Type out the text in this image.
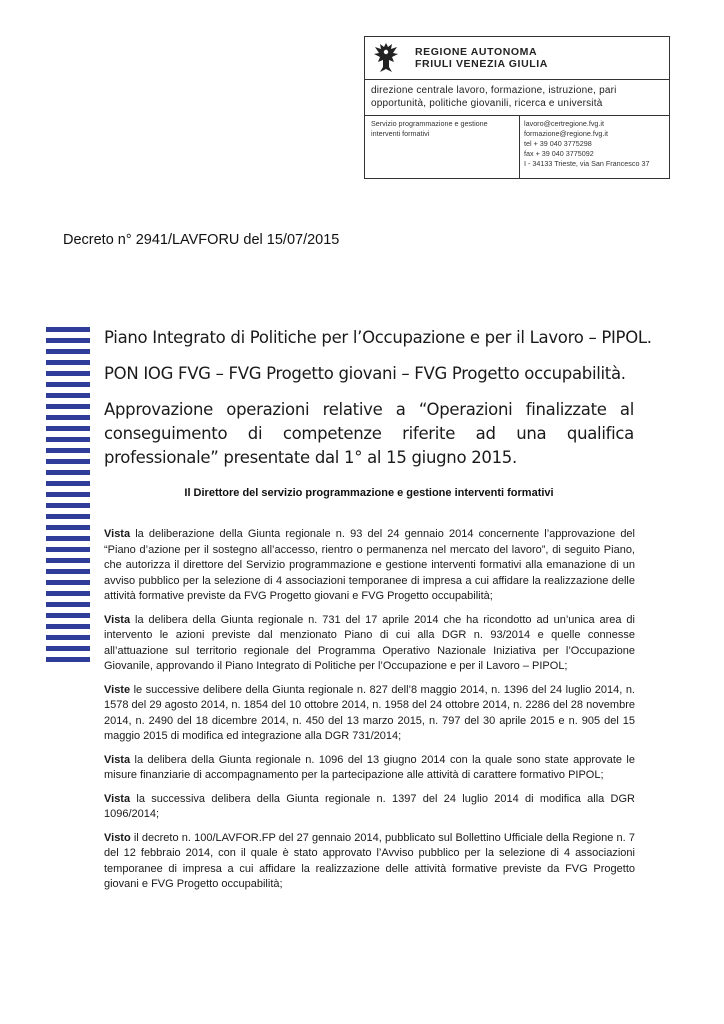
REGIONE AUTONOMA
FRIULI VENEZIA GIULIA
direzione centrale lavoro, formazione, istruzione, pari opportunità, politiche giovanili, ricerca e università
Servizio programmazione e gestione interventi formativi
lavoro@certregione.fvg.it
formazione@regione.fvg.it
tel + 39 040 3775298
fax + 39 040 3775092
I - 34133 Trieste, via San Francesco 37
Decreto n° 2941/LAVFORU del 15/07/2015
Piano Integrato di Politiche per l’Occupazione e per il Lavoro – PIPOL.
PON IOG FVG – FVG Progetto giovani – FVG Progetto occupabilità.
Approvazione operazioni relative a “Operazioni finalizzate al conseguimento di competenze riferite ad una qualifica professionale” presentate dal 1° al 15 giugno 2015.
Il Direttore del servizio programmazione e gestione interventi formativi

Vista la deliberazione della Giunta regionale n. 93 del 24 gennaio 2014 concernente l’approvazione del “Piano d’azione per il sostegno all’accesso, rientro o permanenza nel mercato del lavoro”, di seguito Piano, che autorizza il direttore del Servizio programmazione e gestione interventi formativi alla emanazione di un avviso pubblico per la selezione di 4 associazioni temporanee di impresa a cui affidare la realizzazione delle attività formative previste da FVG Progetto giovani e FVG Progetto occupabilità;

Vista la delibera della Giunta regionale n. 731 del 17 aprile 2014 che ha ricondotto ad un’unica area di intervento le azioni previste dal menzionato Piano di cui alla DGR n. 93/2014 e quelle connesse all’attuazione sul territorio regionale del Programma Operativo Nazionale Iniziativa per l’Occupazione Giovanile, approvando il Piano Integrato di Politiche per l’Occupazione e per il Lavoro – PIPOL;

Viste le successive delibere della Giunta regionale n. 827 dell’8 maggio 2014, n. 1396 del 24 luglio 2014, n. 1578 del 29 agosto 2014, n. 1854 del 10 ottobre 2014, n. 1958 del 24 ottobre 2014, n. 2286 del 28 novembre 2014, n. 2490 del 18 dicembre 2014, n. 450 del 13 marzo 2015, n. 797 del 30 aprile 2015 e n. 905 del 15 maggio 2015 di modifica ed integrazione alla DGR 731/2014;

Vista la delibera della Giunta regionale n. 1096 del 13 giugno 2014 con la quale sono state approvate le misure finanziarie di accompagnamento per la partecipazione alle attività di carattere formativo PIPOL;

Vista la successiva delibera della Giunta regionale n. 1397 del 24 luglio 2014 di modifica alla DGR 1096/2014;

Visto il decreto n. 100/LAVFOR.FP del 27 gennaio 2014, pubblicato sul Bollettino Ufficiale della Regione n. 7 del 12 febbraio 2014, con il quale è stato approvato l’Avviso pubblico per la selezione di 4 associazioni temporanee di impresa a cui affidare la realizzazione delle attività formative previste da FVG Progetto giovani e FVG Progetto occupabilità;
